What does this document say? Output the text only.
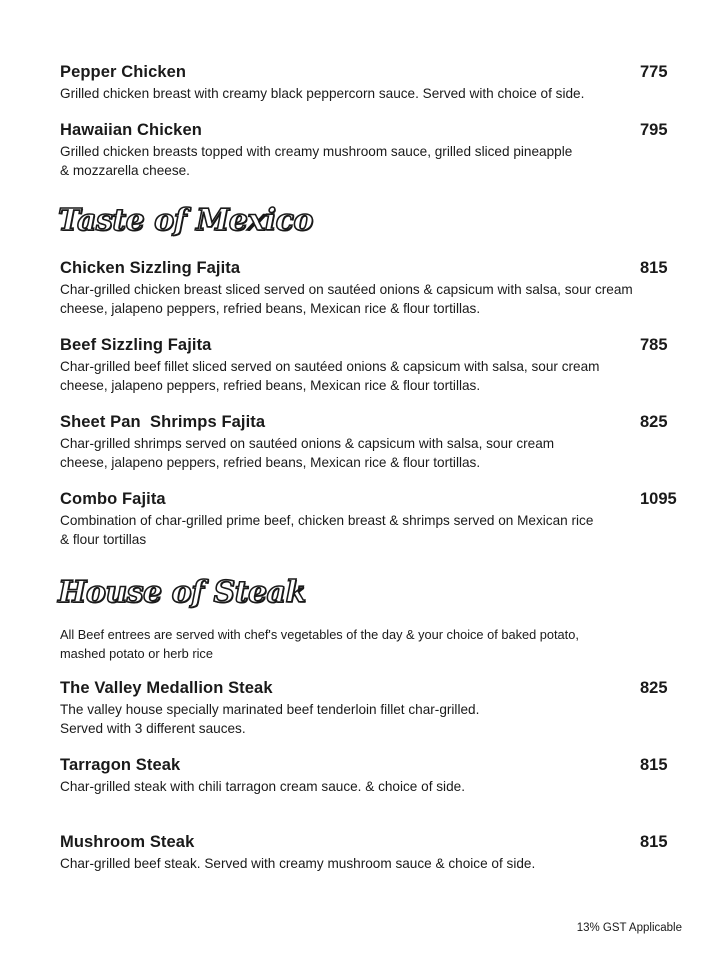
Pepper Chicken	775
Grilled chicken breast with creamy black peppercorn sauce. Served with choice of side.
Hawaiian Chicken	795
Grilled chicken breasts topped with creamy mushroom sauce, grilled sliced pineapple
& mozzarella cheese.
Taste of Mexico
Chicken Sizzling Fajita	815
Char-grilled chicken breast sliced served on sautéed onions & capsicum with salsa, sour cream
cheese, jalapeno peppers, refried beans, Mexican rice & flour tortillas.
Beef Sizzling Fajita	785
Char-grilled beef fillet sliced served on sautéed onions & capsicum with salsa, sour cream
cheese, jalapeno peppers, refried beans, Mexican rice & flour tortillas.
Sheet Pan  Shrimps Fajita	825
Char-grilled shrimps served on sautéed onions & capsicum with salsa, sour cream
cheese, jalapeno peppers, refried beans, Mexican rice & flour tortillas.
Combo Fajita	1095
Combination of char-grilled prime beef, chicken breast & shrimps served on Mexican rice
& flour tortillas
House of Steak
All Beef entrees are served with chef's vegetables of the day & your choice of baked potato,
mashed potato or herb rice
The Valley Medallion Steak	825
The valley house specially marinated beef tenderloin fillet char-grilled.
Served with 3 different sauces.
Tarragon Steak	815
Char-grilled steak with chili tarragon cream sauce. & choice of side.
Mushroom Steak	815
Char-grilled beef steak. Served with creamy mushroom sauce & choice of side.
13% GST Applicable
